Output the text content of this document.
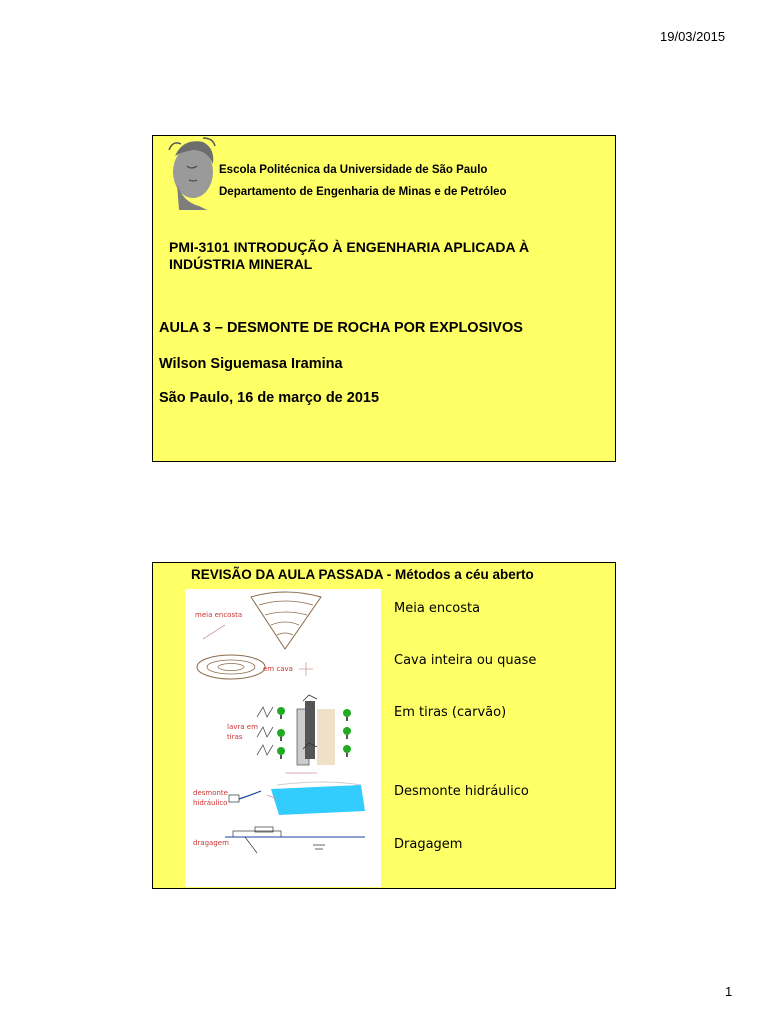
19/03/2015
Escola Politécnica da Universidade de São Paulo
Departamento de Engenharia de Minas e de Petróleo
PMI-3101 INTRODUÇÃO À ENGENHARIA APLICADA À INDÚSTRIA MINERAL
AULA 3 – DESMONTE DE ROCHA POR EXPLOSIVOS
Wilson Siguemasa Iramina
São Paulo, 16 de março de 2015
REVISÃO DA AULA PASSADA - Métodos a céu aberto
meia encosta
em cava
lavra em
tiras
desmonte
hidráulico
dragagem
Meia encosta
Cava inteira ou quase
Em tiras (carvão)
Desmonte hidráulico
Dragagem
1
